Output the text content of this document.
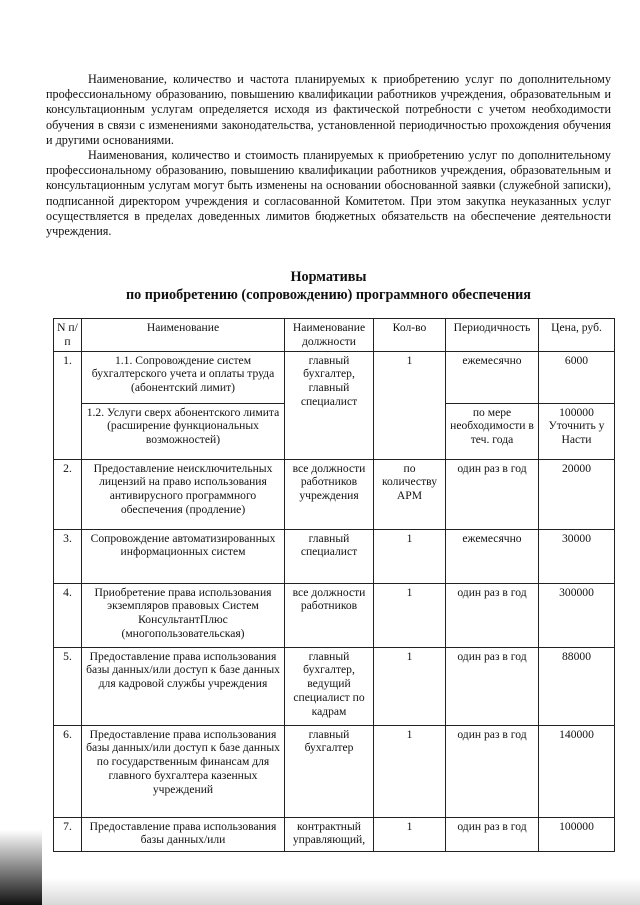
Наименование, количество и частота планируемых к приобретению услуг по дополнительному профессиональному образованию, повышению квалификации работников учреждения, образовательным и консультационным услугам определяется исходя из фактической потребности с учетом необходимости обучения в связи с изменениями законодательства, установленной периодичностью прохождения обучения и другими основаниями.

Наименования, количество и стоимость планируемых к приобретению услуг по дополнительному профессиональному образованию, повышению квалификации работников учреждения, образовательным и консультационным услугам могут быть изменены на основании обоснованной заявки (служебной записки), подписанной директором учреждения и согласованной Комитетом. При этом закупка неуказанных услуг осуществляется в пределах доведенных лимитов бюджетных обязательств на обеспечение деятельности учреждения.

Нормативы
по приобретению (сопровождению) программного обеспечения
N п/п	Наименование	Наименование должности	Кол-во	Периодичность	Цена, руб.
1.	1.1. Сопровождение систем бухгалтерского учета и оплаты труда (абонентский лимит)	главный бухгалтер, главный специалист	1	ежемесячно	6000
	1.2. Услуги сверх абонентского лимита (расширение функциональных возможностей)			по мере необходимости в теч. года	100000 Уточнить у Насти
2.	Предоставление неисключительных лицензий на право использования антивирусного программного обеспечения (продление)	все должности работников учреждения	по количеству АРМ	один раз в год	20000
3.	Сопровождение автоматизированных информационных систем	главный специалист	1	ежемесячно	30000
4.	Приобретение права использования экземпляров правовых Систем КонсультантПлюс (многопользовательская)	все должности работников	1	один раз в год	300000
5.	Предоставление права использования базы данных/или доступ к базе данных для кадровой службы учреждения	главный бухгалтер, ведущий специалист по кадрам	1	один раз в год	88000
6.	Предоставление права использования базы данных/или доступ к базе данных по государственным финансам для главного бухгалтера казенных учреждений	главный бухгалтер	1	один раз в год	140000
7.	Предоставление права использования базы данных/или	контрактный управляющий,	1	один раз в год	100000
